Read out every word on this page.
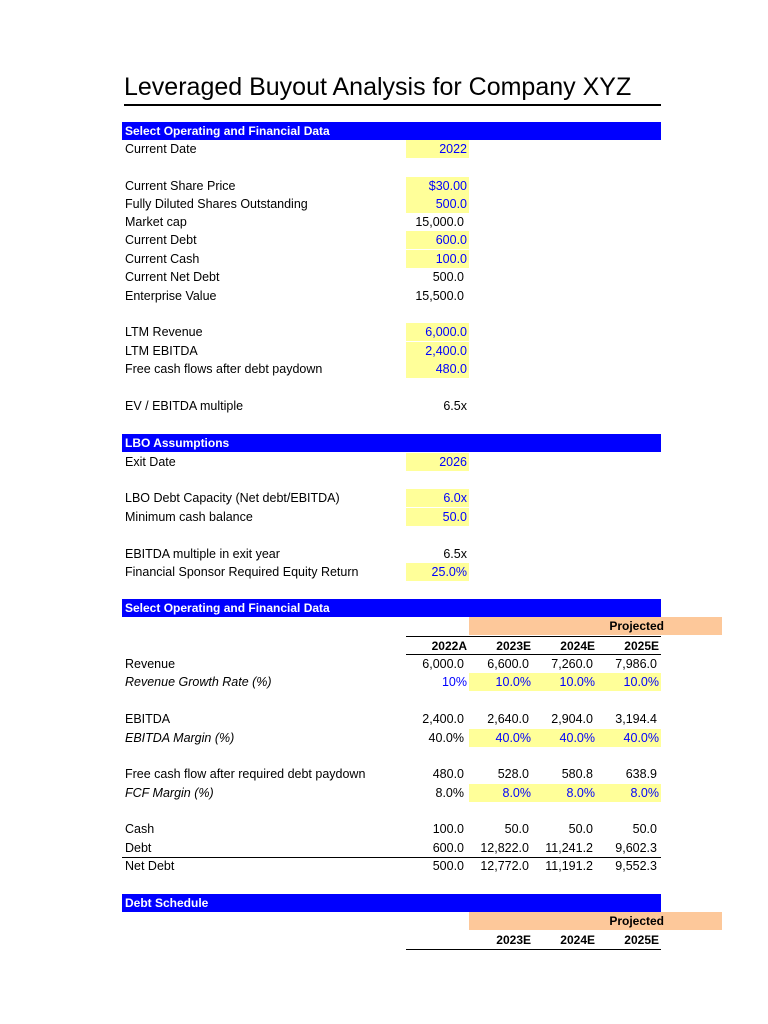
Leveraged Buyout Analysis for Company XYZ
Select Operating and Financial Data
Current Date	2022
Current Share Price	$30.00
Fully Diluted Shares Outstanding	500.0
Market cap	15,000.0
Current Debt	600.0
Current Cash	100.0
Current Net Debt	500.0
Enterprise Value	15,500.0
LTM Revenue	6,000.0
LTM EBITDA	2,400.0
Free cash flows after debt paydown	480.0
EV / EBITDA multiple	6.5x
LBO Assumptions
Exit Date	2026
LBO Debt Capacity (Net debt/EBITDA)	6.0x
Minimum cash balance	50.0
EBITDA multiple in exit year	6.5x
Financial Sponsor Required Equity Return	25.0%
Select Operating and Financial Data
Projected
2022A	2023E	2024E	2025E
Revenue	6,000.0	6,600.0	7,260.0	7,986.0
Revenue Growth Rate (%)	10%	10.0%	10.0%	10.0%
EBITDA	2,400.0	2,640.0	2,904.0	3,194.4
EBITDA Margin (%)	40.0%	40.0%	40.0%	40.0%
Free cash flow after required debt paydown	480.0	528.0	580.8	638.9
FCF Margin (%)	8.0%	8.0%	8.0%	8.0%
Cash	100.0	50.0	50.0	50.0
Debt	600.0	12,822.0	11,241.2	9,602.3
Net Debt	500.0	12,772.0	11,191.2	9,552.3
Debt Schedule
Projected
2023E	2024E	2025E
